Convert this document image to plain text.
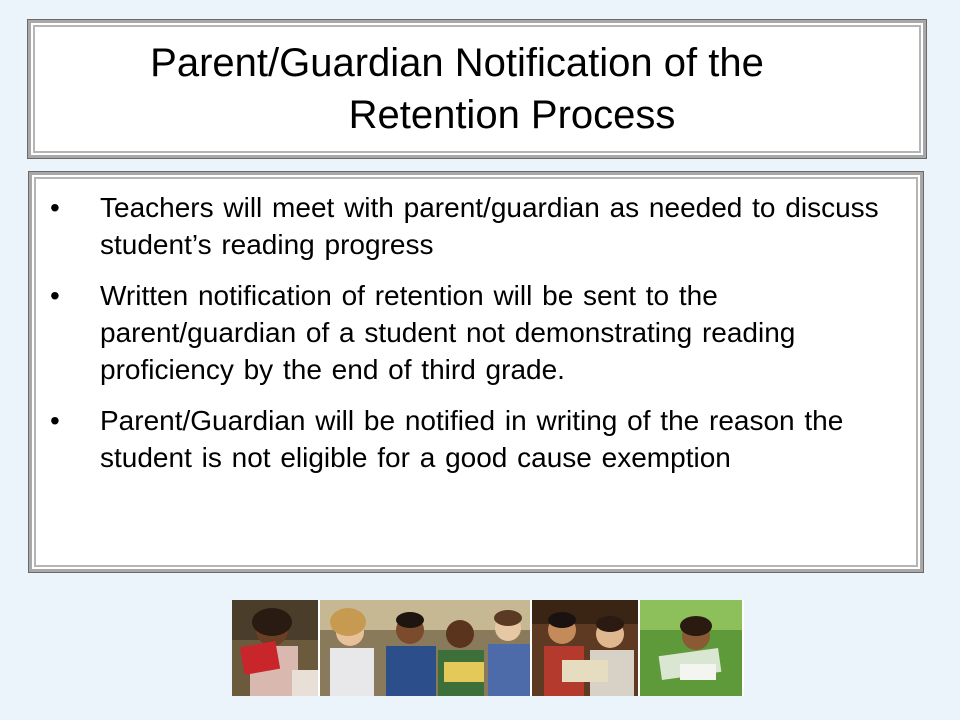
Parent/Guardian Notification of the
Retention Process
• Teachers will meet with parent/guardian as needed to discuss student’s reading progress
• Written notification of retention will be sent to the parent/guardian of a student not demonstrating reading proficiency by the end of third grade.
• Parent/Guardian will be notified in writing of the reason the student is not eligible for a good cause exemption
